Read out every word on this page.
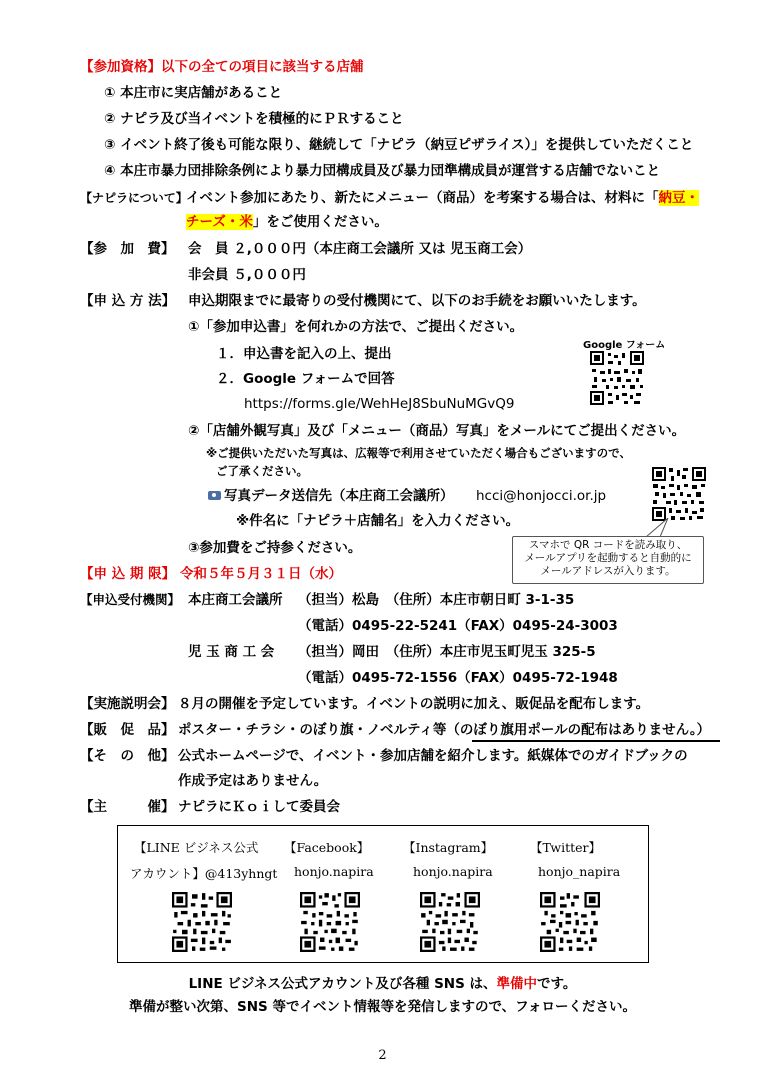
【参加資格】以下の全ての項目に該当する店舗
① 本庄市に実店舗があること
② ナピラ及び当イベントを積極的にＰＲすること
③ イベント終了後も可能な限り、継続して「ナピラ（納豆ピザライス）」を提供していただくこと
④ 本庄市暴力団排除条例により暴力団構成員及び暴力団準構成員が運営する店舗でないこと
【ナピラについて】
イベント参加にあたり、新たにメニュー（商品）を考案する場合は、材料に「納豆・
チーズ・米」をご使用ください。
【参　加　費】 会　員 ２,０００円（本庄商工会議所 又は 児玉商工会）
非会員 ５,０００円
【申 込 方 法】 申込期限までに最寄りの受付機関にて、以下のお手続をお願いいたします。
①「参加申込書」を何れかの方法で、ご提出ください。
Google フォーム
１．申込書を記入の上、提出
２．Google フォームで回答
https://forms.gle/WehHeJ8SbuNuMGvQ9
②「店舗外観写真」及び「メニュー（商品）写真」をメールにてご提出ください。
※ご提供いただいた写真は、広報等で利用させていただく場合もございますので、
ご了承ください。
写真データ送信先（本庄商工会議所） hcci@honjocci.or.jp
※件名に「ナピラ＋店舗名」を入力ください。
③参加費をご持参ください。	スマホで QR コードを読み取り、
メールアプリを起動すると自動的に
メールアドレスが入ります。
【申 込 期 限】 令和５年５月３１日（水）
【申込受付機関】 本庄商工会議所 （担当）松島　（住所）本庄市朝日町 3-1-35
（電話）0495-22-5241（FAX）0495-24-3003
児 玉 商 工 会 （担当）岡田　（住所）本庄市児玉町児玉 325-5
（電話）0495-72-1556（FAX）0495-72-1948
【実施説明会】 ８月の開催を予定しています。イベントの説明に加え、販促品を配布します。
【販　促　品】 ポスター・チラシ・のぼり旗・ノベルティ等（のぼり旗用ポールの配布はありません。）
【そ　の　他】 公式ホームページで、イベント・参加店舗を紹介します。紙媒体でのガイドブックの
作成予定はありません。
【主　　　催】 ナピラにＫｏｉして委員会
【LINE ビジネス公式
アカウント】@413yhngt
【Facebook】
honjo.napira
【Instagram】
honjo.napira
【Twitter】
honjo_napira
LINE ビジネス公式アカウント及び各種 SNS は、準備中です。
準備が整い次第、SNS 等でイベント情報等を発信しますので、フォローください。
2
